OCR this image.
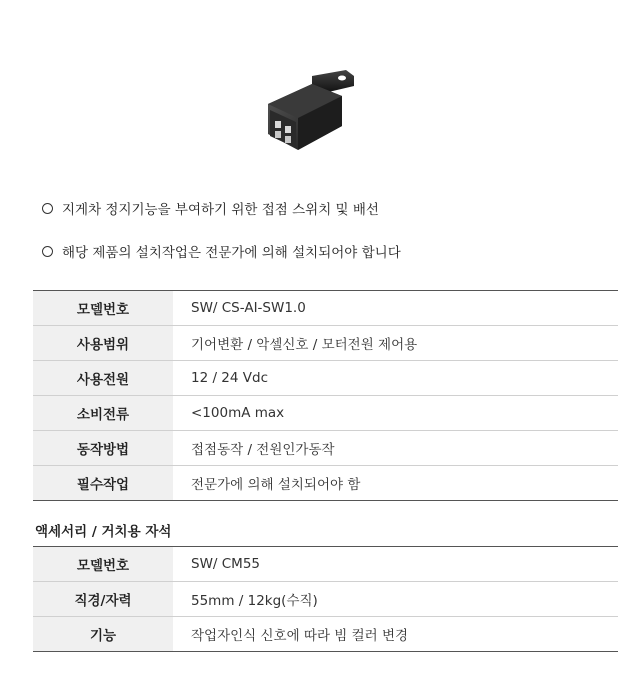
지게차 정지기능을 부여하기 위한 접점 스위치 및 배선
해당 제품의 설치작업은 전문가에 의해 설치되어야 합니다
모델번호	SW/ CS-AI-SW1.0
사용범위	기어변환 / 악셀신호 / 모터전원 제어용
사용전원	12 / 24 Vdc
소비전류	<100mA max
동작방법	접점동작 / 전원인가동작
필수작업	전문가에 의해 설치되어야 함
액세서리 / 거치용 자석
모델번호	SW/ CM55
직경/자력	55mm / 12kg(수직)
기능	작업자인식 신호에 따라 빔 컬러 변경
